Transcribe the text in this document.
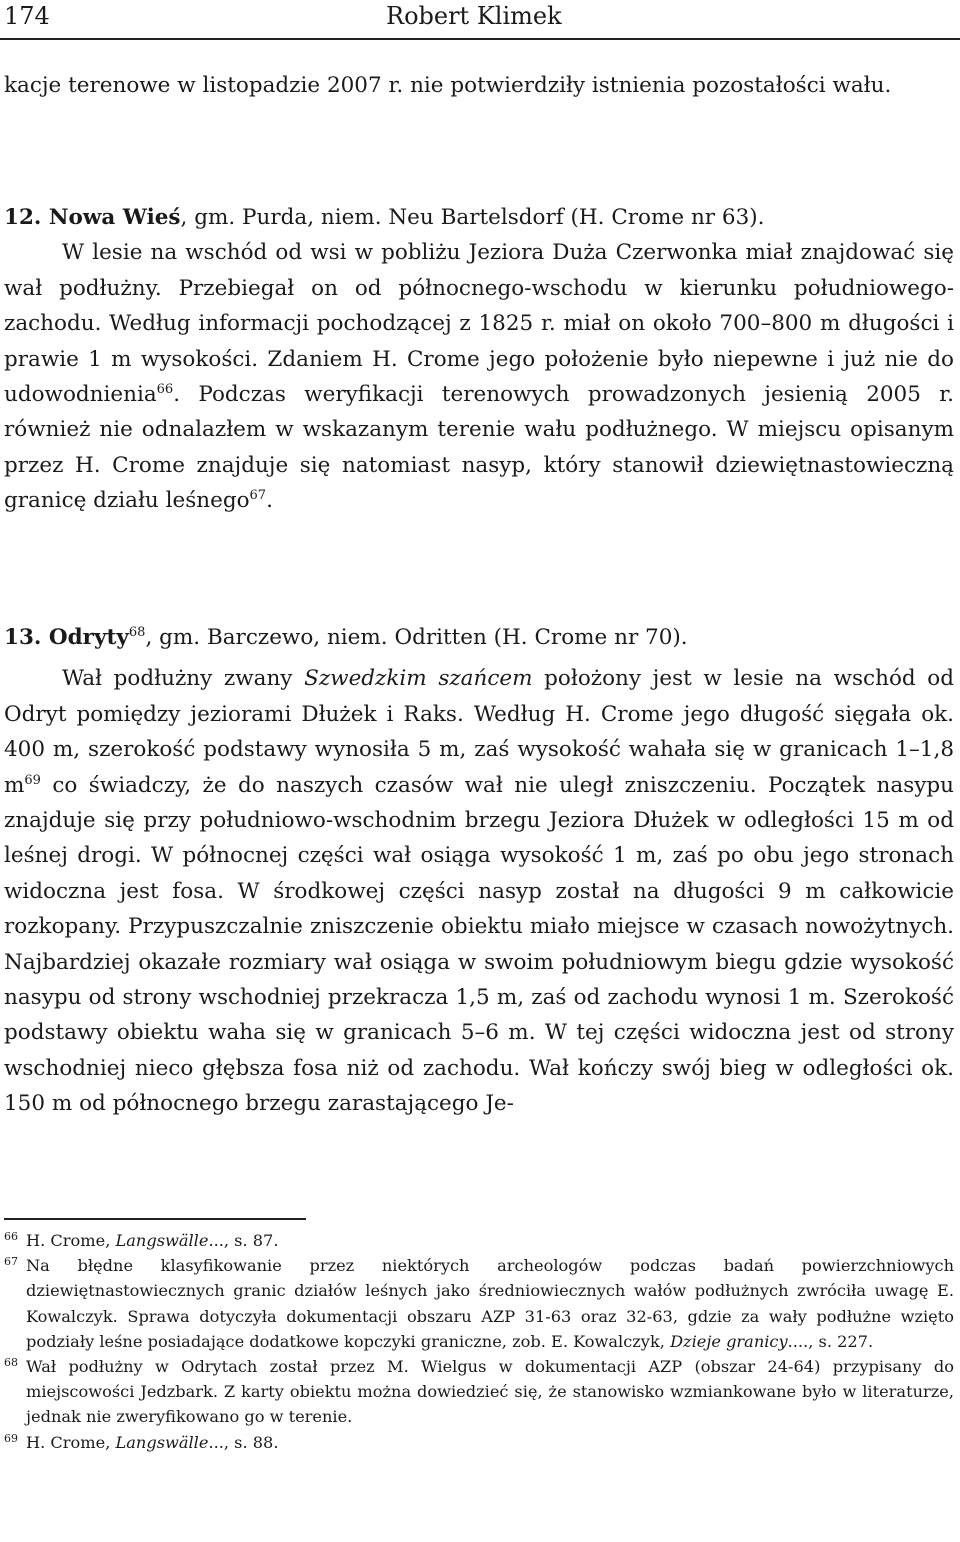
174	Robert Klimek

kacje terenowe w listopadzie 2007 r. nie potwierdziły istnienia pozostałości wału.

12. Nowa Wieś, gm. Purda, niem. Neu Bartelsdorf (H. Crome nr 63).
W lesie na wschód od wsi w pobliżu Jeziora Duża Czerwonka miał znajdować się wał podłużny. Przebiegał on od północnego-wschodu w kierunku południowego-zachodu. Według informacji pochodzącej z 1825 r. miał on około 700–800 m długości i prawie 1 m wysokości. Zdaniem H. Crome jego położenie było niepewne i już nie do udowodnienia$^{66}$. Podczas weryfikacji terenowych prowadzonych jesienią 2005 r. również nie odnalazłem w wskazanym terenie wału podłużnego. W miejscu opisanym przez H. Crome znajduje się natomiast nasyp, który stanowił dziewiętnastowieczną granicę działu leśnego$^{67}$.
13. Odryty$^{68}$, gm. Barczewo, niem. Odritten (H. Crome nr 70).
Wał podłużny zwany Szwedzkim szańcem położony jest w lesie na wschód od Odryt pomiędzy jeziorami Dłużek i Raks. Według H. Crome jego długość sięgała ok. 400 m, szerokość podstawy wynosiła 5 m, zaś wysokość wahała się w granicach 1–1,8 $m^{69}$ co świadczy, że do naszych czasów wał nie uległ zniszczeniu. Początek nasypu znajduje się przy południowo-wschodnim brzegu Jeziora Dłużek w odległości 15 m od leśnej drogi. W północnej części wał osiąga wysokość 1 m, zaś po obu jego stronach widoczna jest fosa. W środkowej części nasyp został na długości 9 m całkowicie rozkopany. Przypuszczalnie zniszczenie obiektu miało miejsce w czasach nowożytnych. Najbardziej okazałe rozmiary wał osiąga w swoim południowym biegu gdzie wysokość nasypu od strony wschodniej przekracza 1,5 m, zaś od zachodu wynosi 1 m. Szerokość podstawy obiektu waha się w granicach 5–6 m. W tej części widoczna jest od strony wschodniej nieco głębsza fosa niż od zachodu. Wał kończy swój bieg w odległości ok. 150 m od północnego brzegu zarastającego Je-

66 H. Crome, Langswälle..., s. 87.

67 Na błędne klasyfikowanie przez niektórych archeologów podczas badań powierzchniowych dziewiętnastowiecznych granic działów leśnych jako średniowiecznych wałów podłużnych zwróciła uwagę E. Kowalczyk. Sprawa dotyczyła dokumentacji obszaru AZP 31-63 oraz 32-63, gdzie za wały podłużne wzięto podziały leśne posiadające dodatkowe kopczyki graniczne, zob. E. Kowalczyk, Dzieje granicy...., s. 227.

68 Wał podłużny w Odrytach został przez M. Wielgus w dokumentacji AZP (obszar 24-64) przypisany do miejscowości Jedzbark. Z karty obiektu można dowiedzieć się, że stanowisko wzmiankowane było w literaturze, jednak nie zweryfikowano go w terenie.

69 H. Crome, Langswälle..., s. 88.
